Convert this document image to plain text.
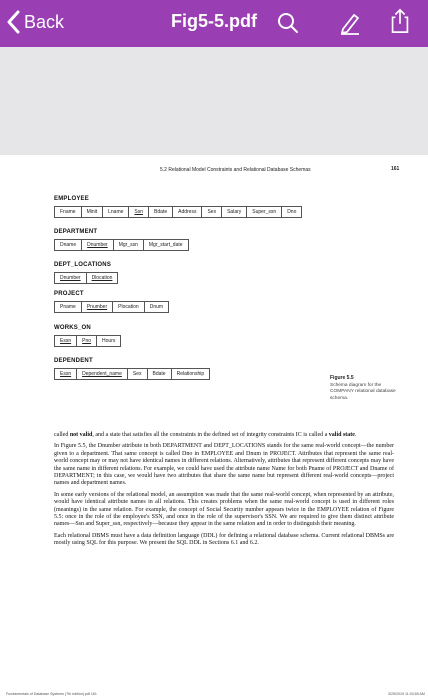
Back	Fig5-5.pdf
5.2 Relational Model Constraints and Relational Database Schemas	161
EMPLOYEE
Fname	Minit	Lname	Ssn	Bdate	Address	Sex	Salary	Super_ssn	Dno
DEPARTMENT
Dname	Dnumber	Mgr_ssn	Mgr_start_date
DEPT_LOCATIONS
Dnumber	Dlocation
PROJECT
Pname	Pnumber	Plocation	Dnum
WORKS_ON
Essn	Pno	Hours
DEPENDENT
Essn	Dependent_name	Sex	Bdate	Relationship
Figure 5.5
Schema diagram for the COMPANY relational database schema.

called not valid, and a state that satisfies all the constraints in the defined set of integrity constraints IC is called a valid state.

In Figure 5.5, the Dnumber attribute in both DEPARTMENT and DEPT_LOCATIONS stands for the same real-world concept—the number given to a department. That same concept is called Dno in EMPLOYEE and Dnum in PROJECT. Attributes that represent the same real-world concept may or may not have identical names in different relations. Alternatively, attributes that represent different concepts may have the same name in different relations. For example, we could have used the attribute name Name for both Pname of PROJECT and Dname of DEPARTMENT; in this case, we would have two attributes that share the same name but represent different real-world concepts—project names and department names.

In some early versions of the relational model, an assumption was made that the same real-world concept, when represented by an attribute, would have identical attribute names in all relations. This creates problems when the same real-world concept is used in different roles (meanings) in the same relation. For example, the concept of Social Security number appears twice in the EMPLOYEE relation of Figure 5.5: once in the role of the employee's SSN, and once in the role of the supervisor's SSN. We are required to give them distinct attribute names—Ssn and Super_ssn, respectively—because they appear in the same relation and in order to distinguish their meaning.

Each relational DBMS must have a data definition language (DDL) for defining a relational database schema. Current relational DBMSs are mostly using SQL for this purpose. We present the SQL DDL in Sections 6.1 and 6.2.

Fundamentals of Database Systems (7th edition).pdf 161	3/29/2019 11:03:55 AM
